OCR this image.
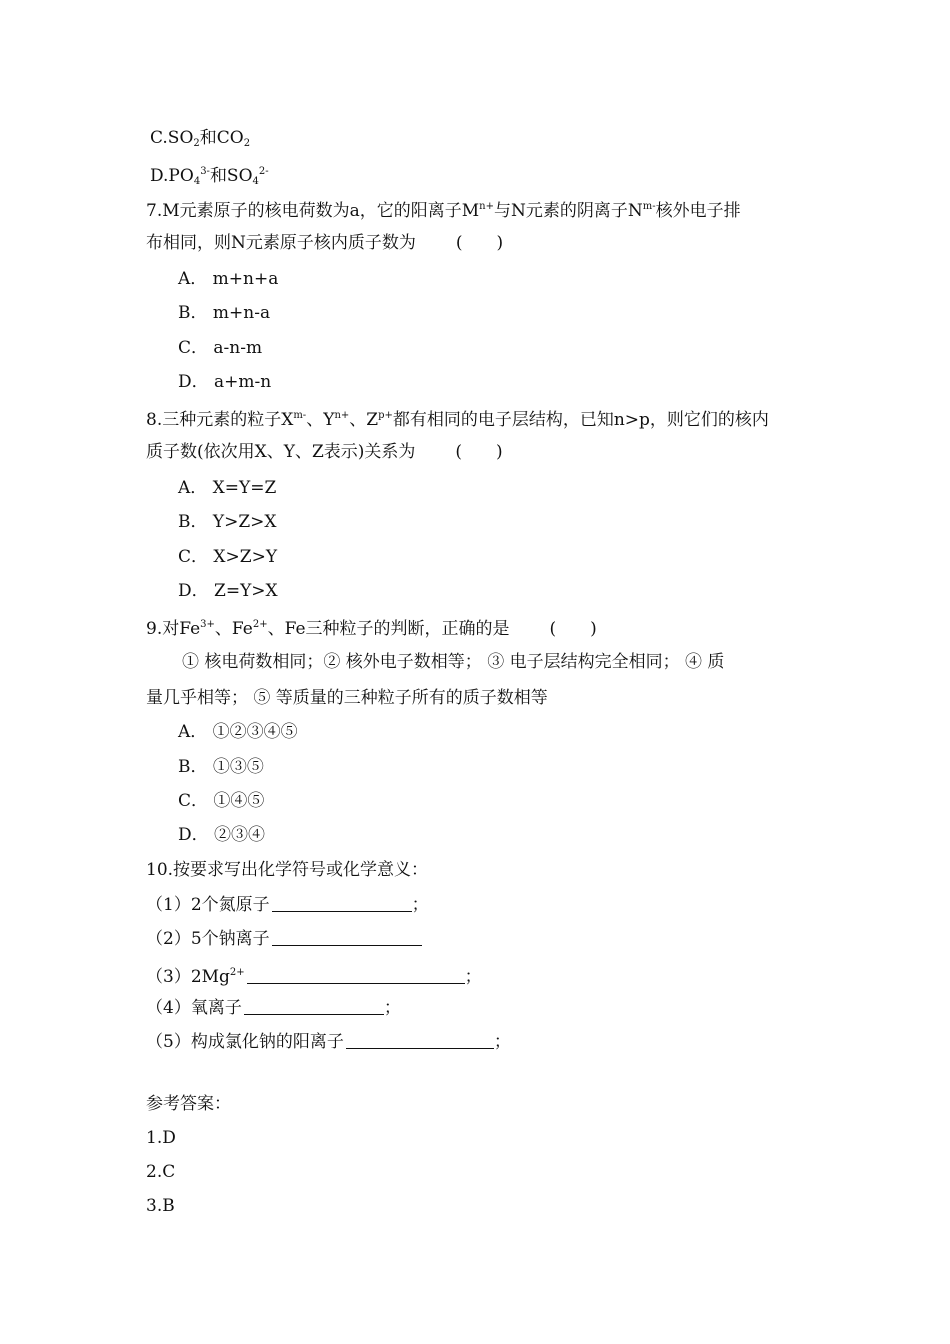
$C.SO_2$和$CO_2$
$D.PO_4^{3-}$和$SO_4^{2-}$
7.M元素原子的核电荷数为a，它的阳离子$M^{n+}$与N元素的阴离子$N^{m-}$核外电子排
布相同，则N元素原子核内质子数为 (　　)
A． m+n+a
B． m+n-a
C． a-n-m
D． a+m-n
8.三种元素的粒子$X^{m-}$、$Y^{n+}$、$Z^{p+}$都有相同的电子层结构，已知n>p，则它们的核内
质子数(依次用X、Y、Z表示)关系为 (　　)
A． X=Y=Z
B． Y>Z>X
C． X>Z>Y
D． Z=Y>X
9.对$Fe^{3+}$、$Fe^{2+}$、Fe三种粒子的判断，正确的是 (　　)
① 核电荷数相同；② 核外电子数相等； ③ 电子层结构完全相同； ④ 质
量几乎相等； ⑤ 等质量的三种粒子所有的质子数相等
A． ①②③④⑤
B． ①③⑤
C． ①④⑤
D． ②③④
10.按要求写出化学符号或化学意义：
（1）2个氮原子	；
（2）5个钠离子
$(3)2Mg^{2+}$	；
（4）氧离子	；
（5）构成氯化钠的阳离子	；
参考答案：
1.D
2.C
3.B
